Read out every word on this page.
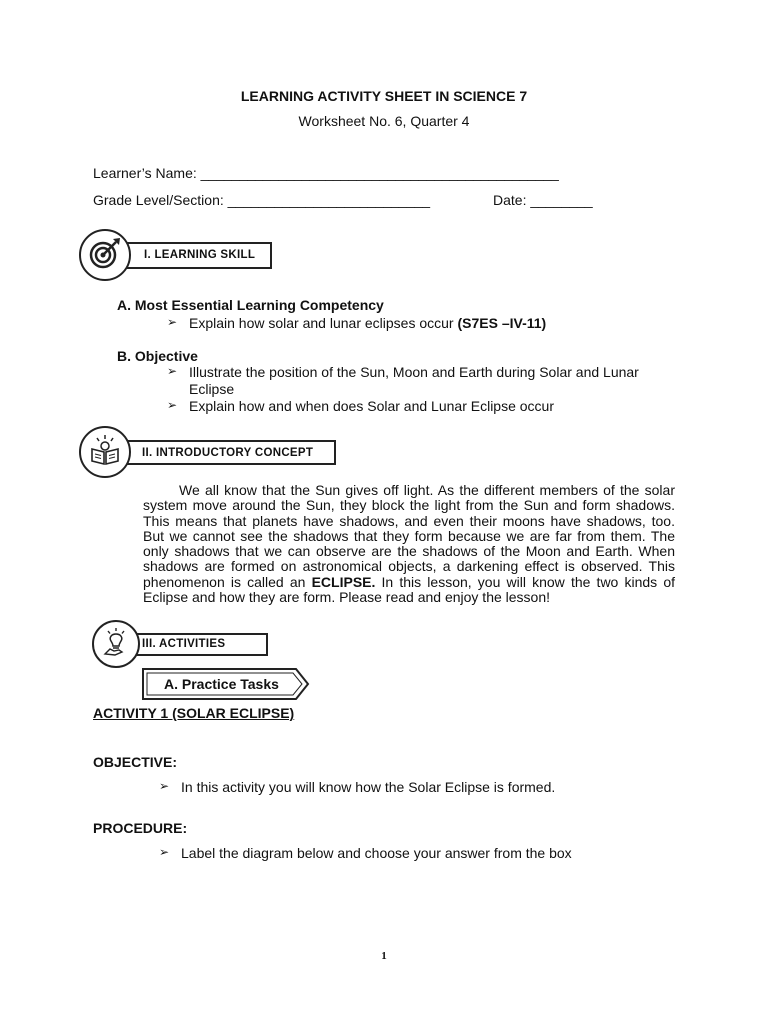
LEARNING ACTIVITY SHEET IN SCIENCE 7
Worksheet No. 6, Quarter 4
Learner’s Name: ______________________________________________
Grade Level/Section: __________________________	Date: ________
I. LEARNING SKILL
A. Most Essential Learning Competency
➢ Explain how solar and lunar eclipses occur (S7ES –IV-11)
B. Objective
➢ Illustrate the position of the Sun, Moon and Earth during Solar and Lunar Eclipse
➢ Explain how and when does Solar and Lunar Eclipse occur
II. INTRODUCTORY CONCEPT
We all know that the Sun gives off light. As the different members of the solar system move around the Sun, they block the light from the Sun and form shadows. This means that planets have shadows, and even their moons have shadows, too. But we cannot see the shadows that they form because we are far from them. The only shadows that we can observe are the shadows of the Moon and Earth. When shadows are formed on astronomical objects, a darkening effect is observed. This phenomenon is called an ECLIPSE. In this lesson, you will know the two kinds of Eclipse and how they are form. Please read and enjoy the lesson!
III. ACTIVITIES
A. Practice Tasks
ACTIVITY 1 (SOLAR ECLIPSE)
OBJECTIVE:
➢ In this activity you will know how the Solar Eclipse is formed.
PROCEDURE:
➢ Label the diagram below and choose your answer from the box
1
